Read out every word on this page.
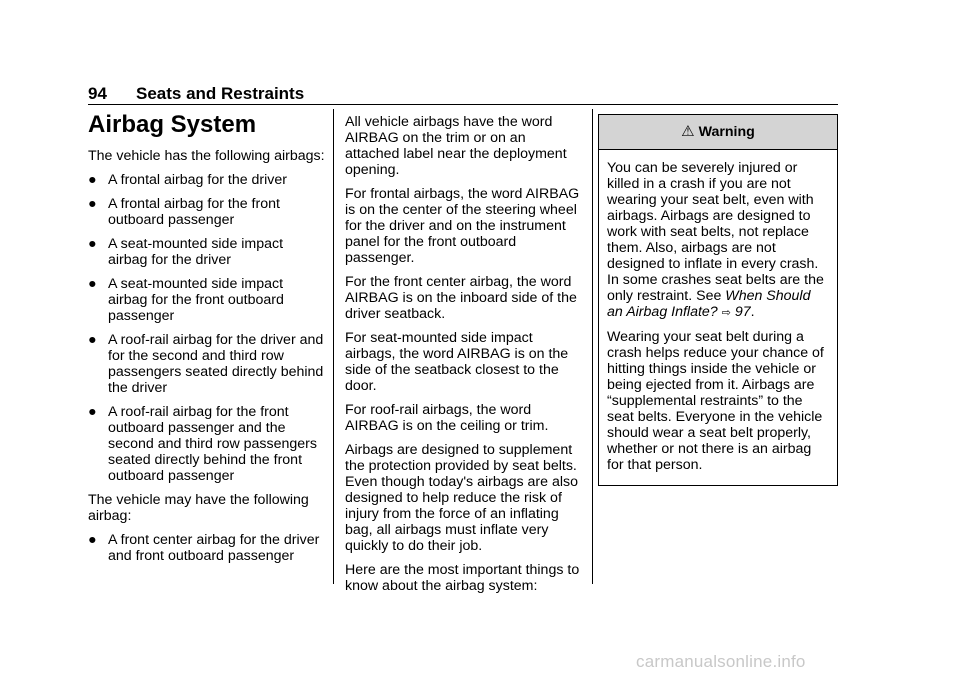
94 Seats and Restraints
Airbag System

The vehicle has the following airbags:

● A frontal airbag for the driver
● A frontal airbag for the front outboard passenger
● A seat-mounted side impact airbag for the driver
● A seat-mounted side impact airbag for the front outboard passenger
● A roof-rail airbag for the driver and for the second and third row passengers seated directly behind the driver
● A roof-rail airbag for the front outboard passenger and the second and third row passengers seated directly behind the front outboard passenger

The vehicle may have the following airbag:

● A front center airbag for the driver and front outboard passenger

All vehicle airbags have the word AIRBAG on the trim or on an attached label near the deployment opening.

For frontal airbags, the word AIRBAG is on the center of the steering wheel for the driver and on the instrument panel for the front outboard passenger.

For the front center airbag, the word AIRBAG is on the inboard side of the driver seatback.

For seat-mounted side impact airbags, the word AIRBAG is on the side of the seatback closest to the door.

For roof-rail airbags, the word AIRBAG is on the ceiling or trim.

Airbags are designed to supplement the protection provided by seat belts. Even though today's airbags are also designed to help reduce the risk of injury from the force of an inflating bag, all airbags must inflate very quickly to do their job.

Here are the most important things to know about the airbag system:

⚠ Warning

You can be severely injured or killed in a crash if you are not wearing your seat belt, even with airbags. Airbags are designed to work with seat belts, not replace them. Also, airbags are not designed to inflate in every crash. In some crashes seat belts are the only restraint. See When Should an Airbag Inflate? ⇨ 97.

Wearing your seat belt during a crash helps reduce your chance of hitting things inside the vehicle or being ejected from it. Airbags are “supplemental restraints” to the seat belts. Everyone in the vehicle should wear a seat belt properly, whether or not there is an airbag for that person.

carmanualsonline.info
